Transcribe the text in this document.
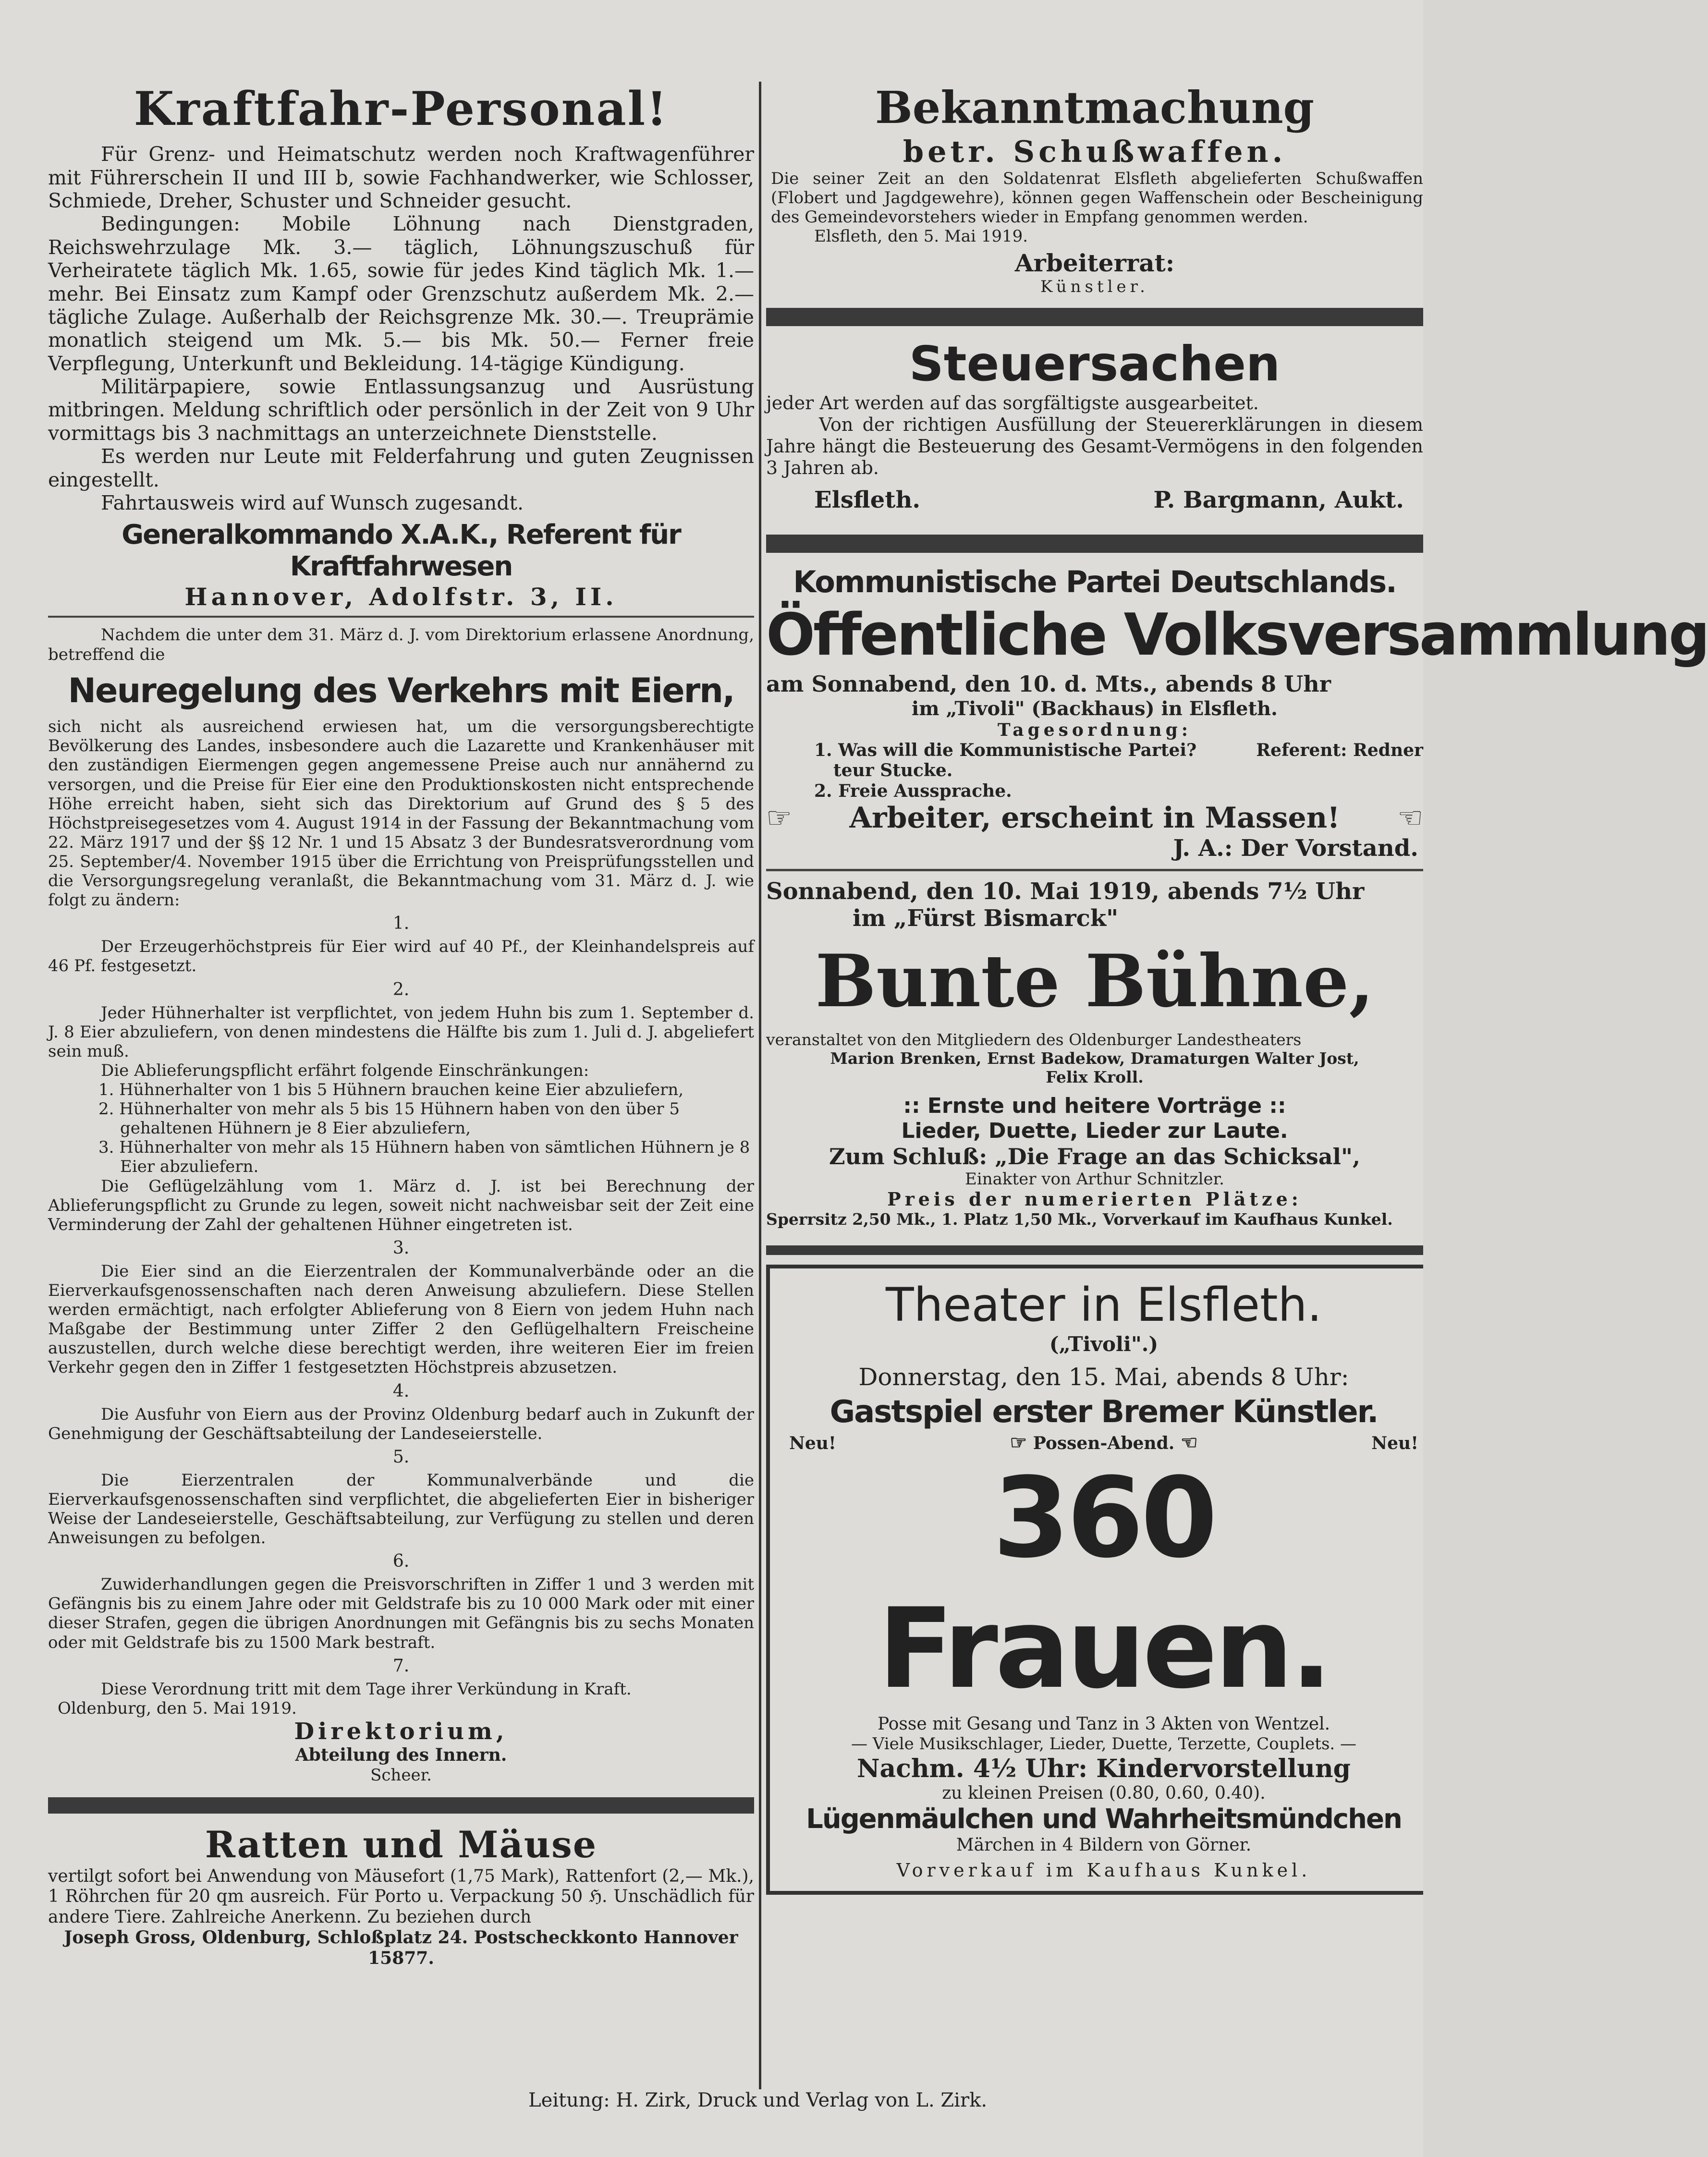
Kraftfahr-Personal!

Für Grenz- und Heimatschutz werden noch Kraftwagenführer mit Führerschein II und III b, sowie Fachhandwerker, wie Schlosser, Schmiede, Dreher, Schuster und Schneider gesucht.

Bedingungen: Mobile Löhnung nach Dienstgraden, Reichswehrzulage Mk. 3.— täglich, Löhnungszuschuß für Verheiratete täglich Mk. 1.65, sowie für jedes Kind täglich Mk. 1.— mehr. Bei Einsatz zum Kampf oder Grenzschutz außerdem Mk. 2.— tägliche Zulage. Außerhalb der Reichsgrenze Mk. 30.—. Treuprämie monatlich steigend um Mk. 5.— bis Mk. 50.— Ferner freie Verpflegung, Unterkunft und Bekleidung. 14-tägige Kündigung.

Militärpapiere, sowie Entlassungsanzug und Ausrüstung mitbringen. Meldung schriftlich oder persönlich in der Zeit von 9 Uhr vormittags bis 3 nachmittags an unterzeichnete Dienststelle.

Es werden nur Leute mit Felderfahrung und guten Zeugnissen eingestellt.

Fahrtausweis wird auf Wunsch zugesandt.

Generalkommando X.A.K., Referent für Kraftfahrwesen

Hannover, Adolfstr. 3, II.

Nachdem die unter dem 31. März d. J. vom Direktorium erlassene Anordnung, betreffend die

Neuregelung des Verkehrs mit Eiern,

sich nicht als ausreichend erwiesen hat, um die versorgungsberechtigte Bevölkerung des Landes, insbesondere auch die Lazarette und Krankenhäuser mit den zuständigen Eiermengen gegen angemessene Preise auch nur annähernd zu versorgen, und die Preise für Eier eine den Produktionskosten nicht entsprechende Höhe erreicht haben, sieht sich das Direktorium auf Grund des § 5 des Höchstpreisegesetzes vom 4. August 1914 in der Fassung der Bekanntmachung vom 22. März 1917 und der §§ 12 Nr. 1 und 15 Absatz 3 der Bundesratsverordnung vom 25. September/4. November 1915 über die Errichtung von Preisprüfungsstellen und die Versorgungsregelung veranlaßt, die Bekanntmachung vom 31. März d. J. wie folgt zu ändern:

1.

Der Erzeugerhöchstpreis für Eier wird auf 40 Pf., der Kleinhandelspreis auf 46 Pf. festgesetzt.

2.

Jeder Hühnerhalter ist verpflichtet, von jedem Huhn bis zum 1. September d. J. 8 Eier abzuliefern, von denen mindestens die Hälfte bis zum 1. Juli d. J. abgeliefert sein muß.

Die Ablieferungspflicht erfährt folgende Einschränkungen:

1. Hühnerhalter von 1 bis 5 Hühnern brauchen keine Eier abzuliefern,

2. Hühnerhalter von mehr als 5 bis 15 Hühnern haben von den über 5 gehaltenen Hühnern je 8 Eier abzuliefern,

3. Hühnerhalter von mehr als 15 Hühnern haben von sämtlichen Hühnern je 8 Eier abzuliefern.

Die Geflügelzählung vom 1. März d. J. ist bei Berechnung der Ablieferungspflicht zu Grunde zu legen, soweit nicht nachweisbar seit der Zeit eine Verminderung der Zahl der gehaltenen Hühner eingetreten ist.

3.

Die Eier sind an die Eierzentralen der Kommunalverbände oder an die Eierverkaufsgenossenschaften nach deren Anweisung abzuliefern. Diese Stellen werden ermächtigt, nach erfolgter Ablieferung von 8 Eiern von jedem Huhn nach Maßgabe der Bestimmung unter Ziffer 2 den Geflügelhaltern Freischeine auszustellen, durch welche diese berechtigt werden, ihre weiteren Eier im freien Verkehr gegen den in Ziffer 1 festgesetzten Höchstpreis abzusetzen.

4.

Die Ausfuhr von Eiern aus der Provinz Oldenburg bedarf auch in Zukunft der Genehmigung der Geschäftsabteilung der Landeseierstelle.

5.

Die Eierzentralen der Kommunalverbände und die Eierverkaufsgenossenschaften sind verpflichtet, die abgelieferten Eier in bisheriger Weise der Landeseierstelle, Geschäftsabteilung, zur Verfügung zu stellen und deren Anweisungen zu befolgen.

6.

Zuwiderhandlungen gegen die Preisvorschriften in Ziffer 1 und 3 werden mit Gefängnis bis zu einem Jahre oder mit Geldstrafe bis zu 10 000 Mark oder mit einer dieser Strafen, gegen die übrigen Anordnungen mit Gefängnis bis zu sechs Monaten oder mit Geldstrafe bis zu 1500 Mark bestraft.

7.

Diese Verordnung tritt mit dem Tage ihrer Verkündung in Kraft.

Oldenburg, den 5. Mai 1919.

Direktorium,

Abteilung des Innern.

Scheer.

Ratten und Mäuse

vertilgt sofort bei Anwendung von Mäusefort (1,75 Mark), Rattenfort (2,— Mk.), 1 Röhrchen für 20 qm ausreich. Für Porto u. Verpackung 50 ℌ. Unschädlich für andere Tiere. Zahlreiche Anerkenn. Zu beziehen durch

Joseph Gross, Oldenburg, Schloßplatz 24. Postscheckkonto Hannover 15877.

Bekanntmachung

betr. Schußwaffen.

Die seiner Zeit an den Soldatenrat Elsfleth abgelieferten Schußwaffen (Flobert und Jagdgewehre), können gegen Waffenschein oder Bescheinigung des Gemeindevorstehers wieder in Empfang genommen werden.

Elsfleth, den 5. Mai 1919.

Arbeiterrat:

Künstler.

Steuersachen

jeder Art werden auf das sorgfältigste ausgearbeitet.

Von der richtigen Ausfüllung der Steuererklärungen in diesem Jahre hängt die Besteuerung des Gesamt-Vermögens in den folgenden 3 Jahren ab.

Elsfleth.	P. Bargmann, Aukt.

Kommunistische Partei Deutschlands.

Öffentliche Volksversammlung

am Sonnabend, den 10. d. Mts., abends 8 Uhr

im „Tivoli" (Backhaus) in Elsfleth.

Tagesordnung:

1. Was will die Kommunistische Partei?	Referent: Redner

teur Stucke.

2. Freie Aussprache.

☞ Arbeiter, erscheint in Massen! ☜

J. A.: Der Vorstand.

Sonnabend, den 10. Mai 1919, abends 7½ Uhr

im „Fürst Bismarck"

Bunte Bühne,

veranstaltet von den Mitgliedern des Oldenburger Landestheaters

Marion Brenken, Ernst Badekow, Dramaturgen Walter Jost,

Felix Kroll.

:: Ernste und heitere Vorträge ::

Lieder, Duette, Lieder zur Laute.

Zum Schluß: „Die Frage an das Schicksal",

Einakter von Arthur Schnitzler.

Preis der numerierten Plätze:

Sperrsitz 2,50 Mk., 1. Platz 1,50 Mk., Vorverkauf im Kaufhaus Kunkel.

Theater in Elsfleth.

(„Tivoli".)

Donnerstag, den 15. Mai, abends 8 Uhr:

Gastspiel erster Bremer Künstler.

Neu!	☞ Possen-Abend. ☜	Neu!
360 Frauen.

Posse mit Gesang und Tanz in 3 Akten von Wentzel.

— Viele Musikschlager, Lieder, Duette, Terzette, Couplets. —

Nachm. 4½ Uhr: Kindervorstellung

zu kleinen Preisen (0.80, 0.60, 0.40).

Lügenmäulchen und Wahrheitsmündchen

Märchen in 4 Bildern von Görner.

Vorverkauf im Kaufhaus Kunkel.

Leitung: H. Zirk, Druck und Verlag von L. Zirk.
